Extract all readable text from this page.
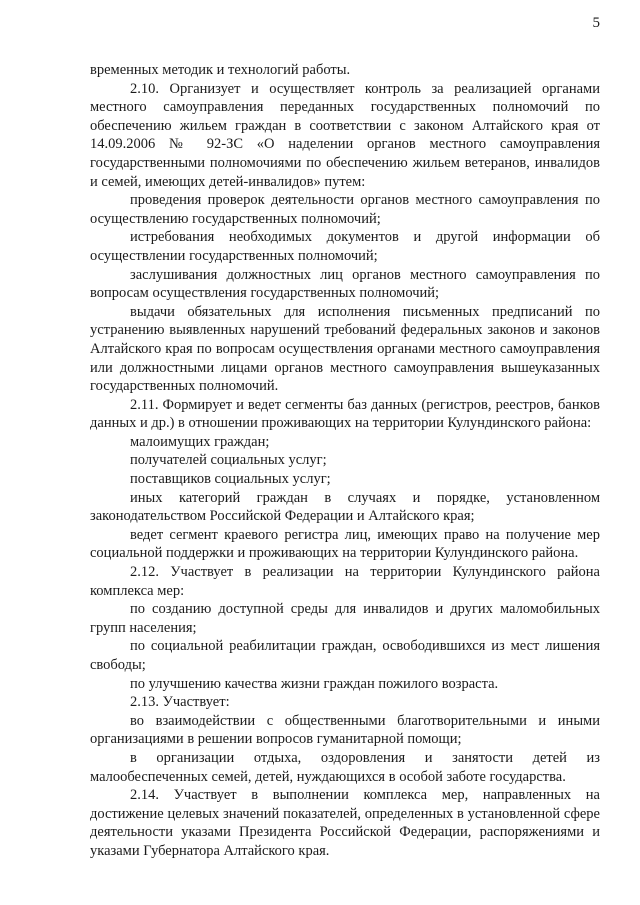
5

временных методик и технологий работы.

2.10. Организует и осуществляет контроль за реализацией органами местного самоуправления переданных государственных полномочий по обеспечению жильем граждан в соответствии с законом Алтайского края от 14.09.2006 № 92-ЗС «О наделении органов местного самоуправления государственными полномочиями по обеспечению жильем ветеранов, инвалидов и семей, имеющих детей-инвалидов» путем:

проведения проверок деятельности органов местного самоуправления по осуществлению государственных полномочий;

истребования необходимых документов и другой информации об осуществлении государственных полномочий;

заслушивания должностных лиц органов местного самоуправления по вопросам осуществления государственных полномочий;

выдачи обязательных для исполнения письменных предписаний по устранению выявленных нарушений требований федеральных законов и законов Алтайского края по вопросам осуществления органами местного самоуправления или должностными лицами органов местного самоуправления вышеуказанных государственных полномочий.

2.11. Формирует и ведет сегменты баз данных (регистров, реестров, банков данных и др.) в отношении проживающих на территории Кулундинского района:

малоимущих граждан;

получателей социальных услуг;

поставщиков социальных услуг;

иных категорий граждан в случаях и порядке, установленном законодательством Российской Федерации и Алтайского края;

ведет сегмент краевого регистра лиц, имеющих право на получение мер социальной поддержки и проживающих на территории Кулундинского района.

2.12. Участвует в реализации на территории Кулундинского района комплекса мер:

по созданию доступной среды для инвалидов и других маломобильных групп населения;

по социальной реабилитации граждан, освободившихся из мест лишения свободы;

по улучшению качества жизни граждан пожилого возраста.

2.13. Участвует:

во взаимодействии с общественными благотворительными и иными организациями в решении вопросов гуманитарной помощи;

в организации отдыха, оздоровления и занятости детей из малообеспеченных семей, детей, нуждающихся в особой заботе государства.

2.14. Участвует в выполнении комплекса мер, направленных на достижение целевых значений показателей, определенных в установленной сфере деятельности указами Президента Российской Федерации, распоряжениями и указами Губернатора Алтайского края.
